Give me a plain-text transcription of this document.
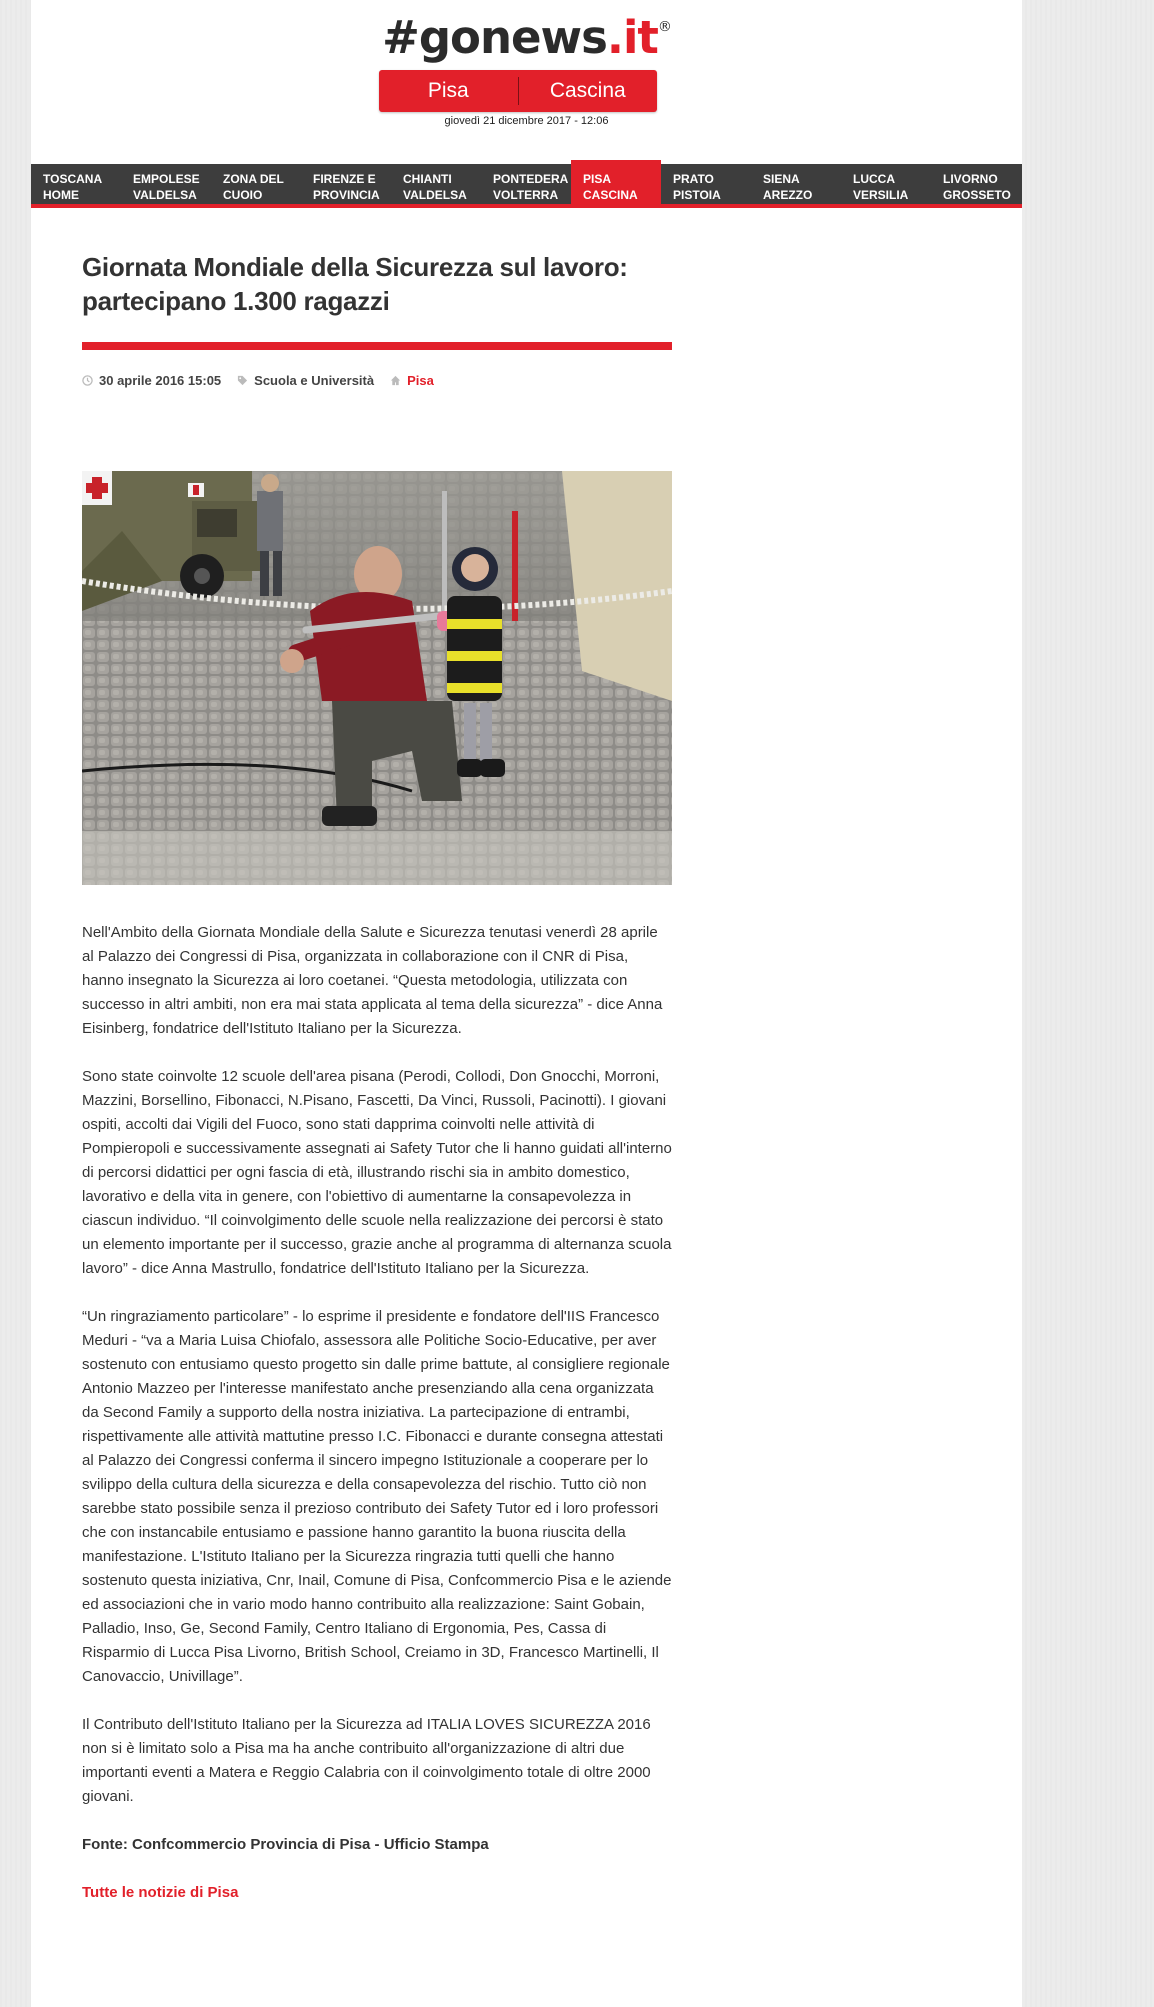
#gonews.it®
Pisa	Cascina
giovedì 21 dicembre 2017 - 12:06
TOSCANA
HOME
EMPOLESE
VALDELSA
ZONA DEL
CUOIO
FIRENZE E
PROVINCIA
CHIANTI
VALDELSA
PONTEDERA
VOLTERRA
PISA
CASCINA
PRATO
PISTOIA
SIENA
AREZZO
LUCCA
VERSILIA
LIVORNO
GROSSETO
Giornata Mondiale della Sicurezza sul lavoro: partecipano 1.300 ragazzi
30 aprile 2016 15:05	Scuola e Università	Pisa

Nell'Ambito della Giornata Mondiale della Salute e Sicurezza tenutasi venerdì 28 aprile al Palazzo dei Congressi di Pisa, organizzata in collaborazione con il CNR di Pisa, hanno insegnato la Sicurezza ai loro coetanei. “Questa metodologia, utilizzata con successo in altri ambiti, non era mai stata applicata al tema della sicurezza” - dice Anna Eisinberg, fondatrice dell'Istituto Italiano per la Sicurezza.

Sono state coinvolte 12 scuole dell'area pisana (Perodi, Collodi, Don Gnocchi, Morroni, Mazzini, Borsellino, Fibonacci, N.Pisano, Fascetti, Da Vinci, Russoli, Pacinotti). I giovani ospiti, accolti dai Vigili del Fuoco, sono stati dapprima coinvolti nelle attività di Pompieropoli e successivamente assegnati ai Safety Tutor che li hanno guidati all'interno di percorsi didattici per ogni fascia di età, illustrando rischi sia in ambito domestico, lavorativo e della vita in genere, con l'obiettivo di aumentarne la consapevolezza in ciascun individuo. “Il coinvolgimento delle scuole nella realizzazione dei percorsi è stato un elemento importante per il successo, grazie anche al programma di alternanza scuola lavoro” - dice Anna Mastrullo, fondatrice dell'Istituto Italiano per la Sicurezza.

“Un ringraziamento particolare” - lo esprime il presidente e fondatore dell'IIS Francesco Meduri - “va a Maria Luisa Chiofalo, assessora alle Politiche Socio-Educative, per aver sostenuto con entusiamo questo progetto sin dalle prime battute, al consigliere regionale Antonio Mazzeo per l'interesse manifestato anche presenziando alla cena organizzata da Second Family a supporto della nostra iniziativa. La partecipazione di entrambi, rispettivamente alle attività mattutine presso I.C. Fibonacci e durante consegna attestati al Palazzo dei Congressi conferma il sincero impegno Istituzionale a cooperare per lo svilippo della cultura della sicurezza e della consapevolezza del rischio. Tutto ciò non sarebbe stato possibile senza il prezioso contributo dei Safety Tutor ed i loro professori che con instancabile entusiamo e passione hanno garantito la buona riuscita della manifestazione. L'Istituto Italiano per la Sicurezza ringrazia tutti quelli che hanno sostenuto questa iniziativa, Cnr, Inail, Comune di Pisa, Confcommercio Pisa e le aziende ed associazioni che in vario modo hanno contribuito alla realizzazione: Saint Gobain, Palladio, Inso, Ge, Second Family, Centro Italiano di Ergonomia, Pes, Cassa di Risparmio di Lucca Pisa Livorno, British School, Creiamo in 3D, Francesco Martinelli, Il Canovaccio, Univillage”.

Il Contributo dell'Istituto Italiano per la Sicurezza ad ITALIA LOVES SICUREZZA 2016 non si è limitato solo a Pisa ma ha anche contribuito all'organizzazione di altri due importanti eventi a Matera e Reggio Calabria con il coinvolgimento totale di oltre 2000 giovani.

Fonte: Confcommercio Provincia di Pisa - Ufficio Stampa
Tutte le notizie di Pisa
